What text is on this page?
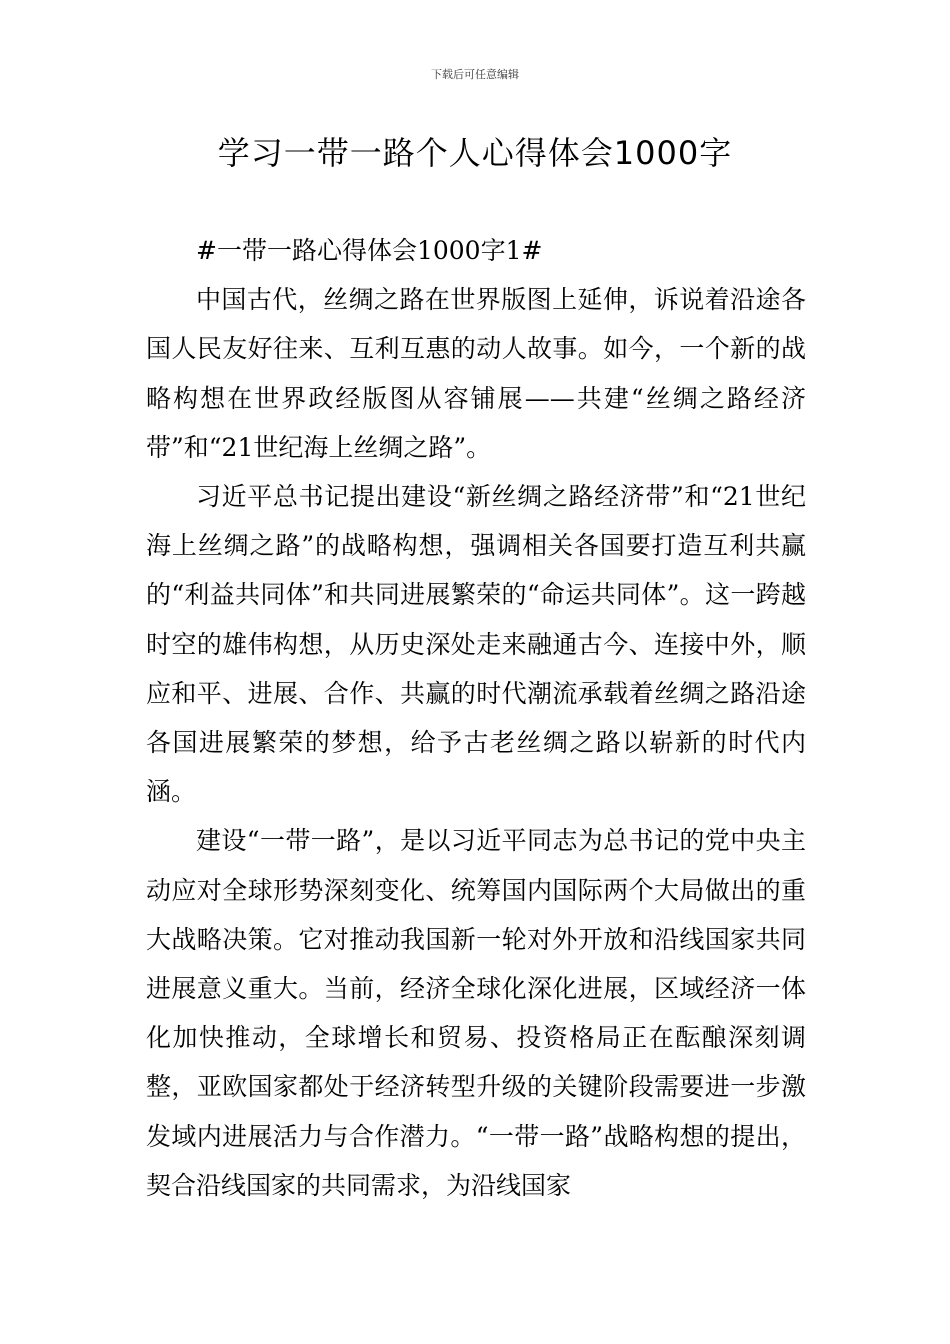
下载后可任意编辑
学习一带一路个人心得体会1000字

#一带一路心得体会1000字1#

中国古代，丝绸之路在世界版图上延伸，诉说着沿途各国人民友好往来、互利互惠的动人故事。如今，一个新的战略构想在世界政经版图从容铺展——共建“丝绸之路经济带”和“21世纪海上丝绸之路”。

习近平总书记提出建设“新丝绸之路经济带”和“21世纪海上丝绸之路”的战略构想，强调相关各国要打造互利共赢的“利益共同体”和共同进展繁荣的“命运共同体”。这一跨越时空的雄伟构想，从历史深处走来融通古今、连接中外，顺应和平、进展、合作、共赢的时代潮流承载着丝绸之路沿途各国进展繁荣的梦想，给予古老丝绸之路以崭新的时代内涵。

建设“一带一路”，是以习近平同志为总书记的党中央主动应对全球形势深刻变化、统筹国内国际两个大局做出的重大战略决策。它对推动我国新一轮对外开放和沿线国家共同进展意义重大。当前，经济全球化深化进展，区域经济一体化加快推动，全球增长和贸易、投资格局正在酝酿深刻调整，亚欧国家都处于经济转型升级的关键阶段需要进一步激发域内进展活力与合作潜力。“一带一路”战略构想的提出，契合沿线国家的共同需求，为沿线国家
